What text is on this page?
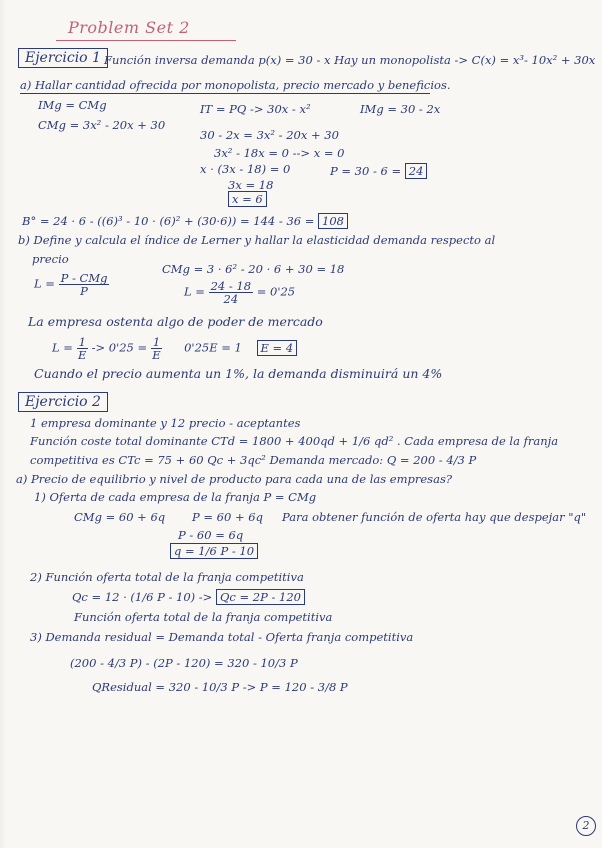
Problem Set 2
Ejercicio 1 Función inversa demanda p(x) = 30 - x Hay un monopolista -> C(x) = x³- 10x² + 30x
a) Hallar cantidad ofrecida por monopolista, precio mercado y beneficios.
IMg = CMg
CMg = 3x² - 20x + 30
IT = PQ -> 30x - x²	IMg = 30 - 2x
30 - 2x = 3x² - 20x + 30
3x² - 18x = 0 --> x = 0
x · (3x - 18) = 0
3x = 18
x = 6
P = 30 - 6 = 24
B° = 24 · 6 - ((6)³ - 10 · (6)² + (30·6)) = 144 - 36 = 108
b) Define y calcula el índice de Lerner y hallar la elasticidad demanda respecto al
precio
$L = \frac{\text{P - CMg}}{P}$
CMg = 3 · 6² - 20 · 6 + 30 = 18
$L = \frac{24 - 18}{24} = 0'25$
La empresa ostenta algo de poder de mercado
$L = \frac{1}{E} -> 0'25 = \frac{1}{E} 0'25E = 1$ E = 4
Cuando el precio aumenta un 1%, la demanda disminuirá un 4%
Ejercicio 2
1 empresa dominante y 12 precio - aceptantes
Función coste total dominante CTd = 1800 + 400qd + 1/6 qd² . Cada empresa de la franja
competitiva es CTc = 75 + 60 Qc + 3qc² Demanda mercado: Q = 200 - 4/3 P
a) Precio de equilibrio y nivel de producto para cada una de las empresas?
1) Oferta de cada empresa de la franja P = CMg
CMg = 60 + 6q P = 60 + 6q Para obtener función de oferta hay que despejar "q"
P - 60 = 6q
q = 1/6 P - 10
2) Función oferta total de la franja competitiva
Qc = 12 · (1/6 P - 10) -> Qc = 2P - 120
Función oferta total de la franja competitiva
3) Demanda residual = Demanda total - Oferta franja competitiva
(200 - 4/3 P) - (2P - 120) = 320 - 10/3 P
QResidual = 320 - 10/3 P -> P = 120 - 3/8 P
2
